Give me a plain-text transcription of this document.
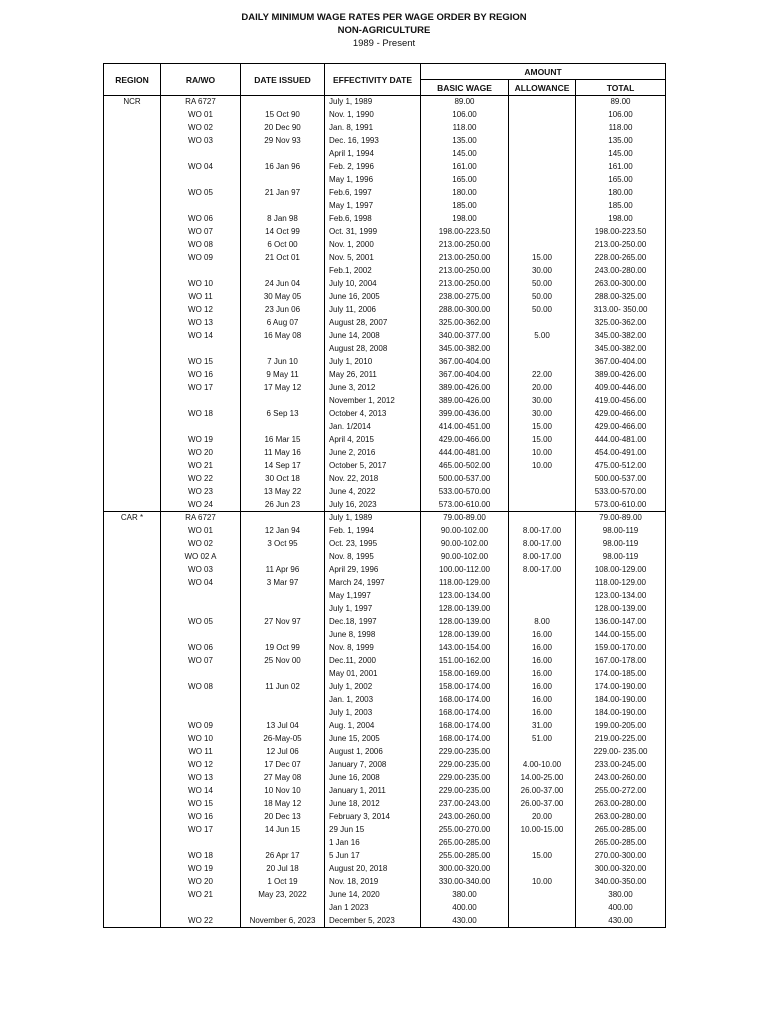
DAILY MINIMUM WAGE RATES PER WAGE ORDER BY REGION
NON-AGRICULTURE
1989 - Present
REGION	RA/WO	DATE ISSUED	EFFECTIVITY DATE	AMOUNT		
				BASIC WAGE	ALLOWANCE	TOTAL
NCR	RA 6727		July 1, 1989	89.00		89.00
	WO 01	15 Oct 90	Nov. 1, 1990	106.00		106.00
	WO 02	20 Dec 90	Jan. 8, 1991	118.00		118.00
	WO 03	29 Nov 93	Dec. 16, 1993	135.00		135.00
			April 1, 1994	145.00		145.00
	WO 04	16 Jan 96	Feb. 2, 1996	161.00		161.00
			May 1, 1996	165.00		165.00
	WO 05	21 Jan 97	Feb.6, 1997	180.00		180.00
			May 1, 1997	185.00		185.00
	WO 06	8 Jan 98	Feb.6, 1998	198.00		198.00
	WO 07	14 Oct 99	Oct. 31, 1999	198.00-223.50		198.00-223.50
	WO 08	6 Oct 00	Nov. 1, 2000	213.00-250.00		213.00-250.00
	WO 09	21 Oct 01	Nov. 5, 2001	213.00-250.00	15.00	228.00-265.00
			Feb.1, 2002	213.00-250.00	30.00	243.00-280.00
	WO 10	24 Jun 04	July 10, 2004	213.00-250.00	50.00	263.00-300.00
	WO 11	30 May 05	June 16, 2005	238.00-275.00	50.00	288.00-325.00
	WO 12	23 Jun 06	July 11, 2006	288.00-300.00	50.00	313.00- 350.00
	WO 13	6 Aug 07	August 28, 2007	325.00-362.00		325.00-362.00
	WO 14	16 May 08	June 14, 2008	340.00-377.00	5.00	345.00-382.00
			August 28, 2008	345.00-382.00		345.00-382.00
	WO 15	7 Jun 10	July 1, 2010	367.00-404.00		367.00-404.00
	WO 16	9 May 11	May 26, 2011	367.00-404.00	22.00	389.00-426.00
	WO 17	17 May 12	June 3, 2012	389.00-426.00	20.00	409.00-446.00
			November 1, 2012	389.00-426.00	30.00	419.00-456.00
	WO 18	6 Sep 13	October 4, 2013	399.00-436.00	30.00	429.00-466.00
			Jan. 1/2014	414.00-451.00	15.00	429.00-466.00
	WO 19	16 Mar 15	April 4, 2015	429.00-466.00	15.00	444.00-481.00
	WO 20	11 May 16	June 2, 2016	444.00-481.00	10.00	454.00-491.00
	WO 21	14 Sep 17	October 5, 2017	465.00-502.00	10.00	475.00-512.00
	WO 22	30 Oct 18	Nov. 22, 2018	500.00-537.00		500.00-537.00
	WO 23	13 May 22	June 4, 2022	533.00-570.00		533.00-570.00
	WO 24	26 Jun 23	July 16, 2023	573.00-610.00		573.00-610.00
CAR *	RA 6727		July 1, 1989	79.00-89.00		79.00-89.00
	WO 01	12 Jan 94	Feb. 1, 1994	90.00-102.00	8.00-17.00	98.00-119
	WO 02	3 Oct 95	Oct. 23, 1995	90.00-102.00	8.00-17.00	98.00-119
	WO 02 A		Nov. 8, 1995	90.00-102.00	8.00-17.00	98.00-119
	WO 03	11 Apr 96	April 29, 1996	100.00-112.00	8.00-17.00	108.00-129.00
	WO 04	3 Mar 97	March 24, 1997	118.00-129.00		118.00-129.00
			May 1,1997	123.00-134.00		123.00-134.00
			July 1, 1997	128.00-139.00		128.00-139.00
	WO 05	27 Nov 97	Dec.18, 1997	128.00-139.00	8.00	136.00-147.00
			June 8, 1998	128.00-139.00	16.00	144.00-155.00
	WO 06	19 Oct 99	Nov. 8, 1999	143.00-154.00	16.00	159.00-170.00
	WO 07	25 Nov 00	Dec.11, 2000	151.00-162.00	16.00	167.00-178.00
			May 01, 2001	158.00-169.00	16.00	174.00-185.00
	WO 08	11 Jun 02	July 1, 2002	158.00-174.00	16.00	174.00-190.00
			Jan. 1, 2003	168.00-174.00	16.00	184.00-190.00
			July 1, 2003	168.00-174.00	16.00	184.00-190.00
	WO 09	13 Jul 04	Aug. 1, 2004	168.00-174.00	31.00	199.00-205.00
	WO 10	26-May-05	June 15, 2005	168.00-174.00	51.00	219.00-225.00
	WO 11	12 Jul 06	August 1, 2006	229.00-235.00		229.00- 235.00
	WO 12	17 Dec 07	January 7, 2008	229.00-235.00	4.00-10.00	233.00-245.00
	WO 13	27 May 08	June 16, 2008	229.00-235.00	14.00-25.00	243.00-260.00
	WO 14	10 Nov 10	January 1, 2011	229.00-235.00	26.00-37.00	255.00-272.00
	WO 15	18 May 12	June 18, 2012	237.00-243.00	26.00-37.00	263.00-280.00
	WO 16	20 Dec 13	February 3, 2014	243.00-260.00	20.00	263.00-280.00
	WO 17	14 Jun 15	29 Jun 15	255.00-270.00	10.00-15.00	265.00-285.00
			1 Jan 16	265.00-285.00		265.00-285.00
	WO 18	26 Apr 17	5 Jun 17	255.00-285.00	15.00	270.00-300.00
	WO 19	20 Jul 18	August 20, 2018	300.00-320.00		300.00-320.00
	WO 20	1 Oct 19	Nov. 18, 2019	330.00-340.00	10.00	340.00-350.00
	WO 21	May 23, 2022	June 14, 2020	380.00		380.00
			Jan 1 2023	400.00		400.00
	WO 22	November 6, 2023	December 5, 2023	430.00		430.00
